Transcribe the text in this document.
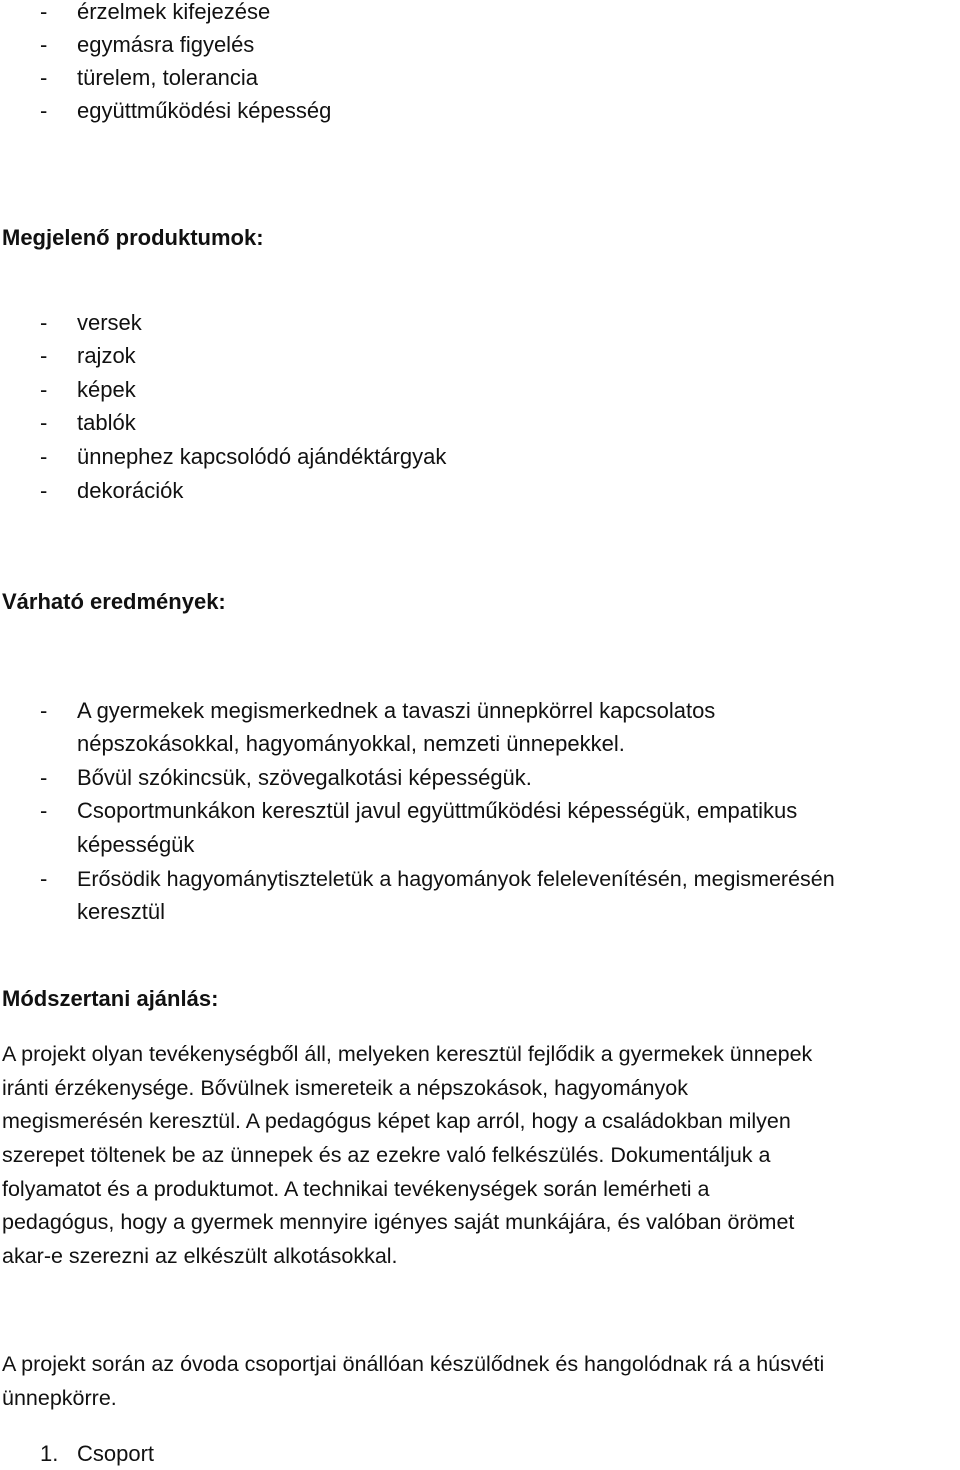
- érzelmek kifejezése
- egymásra figyelés
- türelem, tolerancia
- együttműködési képesség
Megjelenő produktumok:
- versek
- rajzok
- képek
- tablók
- ünnephez kapcsolódó ajándéktárgyak
- dekorációk
Várható eredmények:
- A gyermekek megismerkednek a tavaszi ünnepkörrel kapcsolatos
népszokásokkal, hagyományokkal, nemzeti ünnepekkel.
- Bővül szókincsük, szövegalkotási képességük.
- Csoportmunkákon keresztül javul együttműködési képességük, empatikus
képességük
- Erősödik hagyománytiszteletük a hagyományok felelevenítésén, megismerésén
keresztül
Módszertani ajánlás:
A projekt olyan tevékenységből áll, melyeken keresztül fejlődik a gyermekek ünnepek
iránti érzékenysége. Bővülnek ismereteik a népszokások, hagyományok
megismerésén keresztül. A pedagógus képet kap arról, hogy a családokban milyen
szerepet töltenek be az ünnepek és az ezekre való felkészülés. Dokumentáljuk a
folyamatot és a produktumot. A technikai tevékenységek során lemérheti a
pedagógus, hogy a gyermek mennyire igényes saját munkájára, és valóban örömet
akar-e szerezni az elkészült alkotásokkal.
A projekt során az óvoda csoportjai önállóan készülődnek és hangolódnak rá a húsvéti
ünnepkörre.
1. Csoport
